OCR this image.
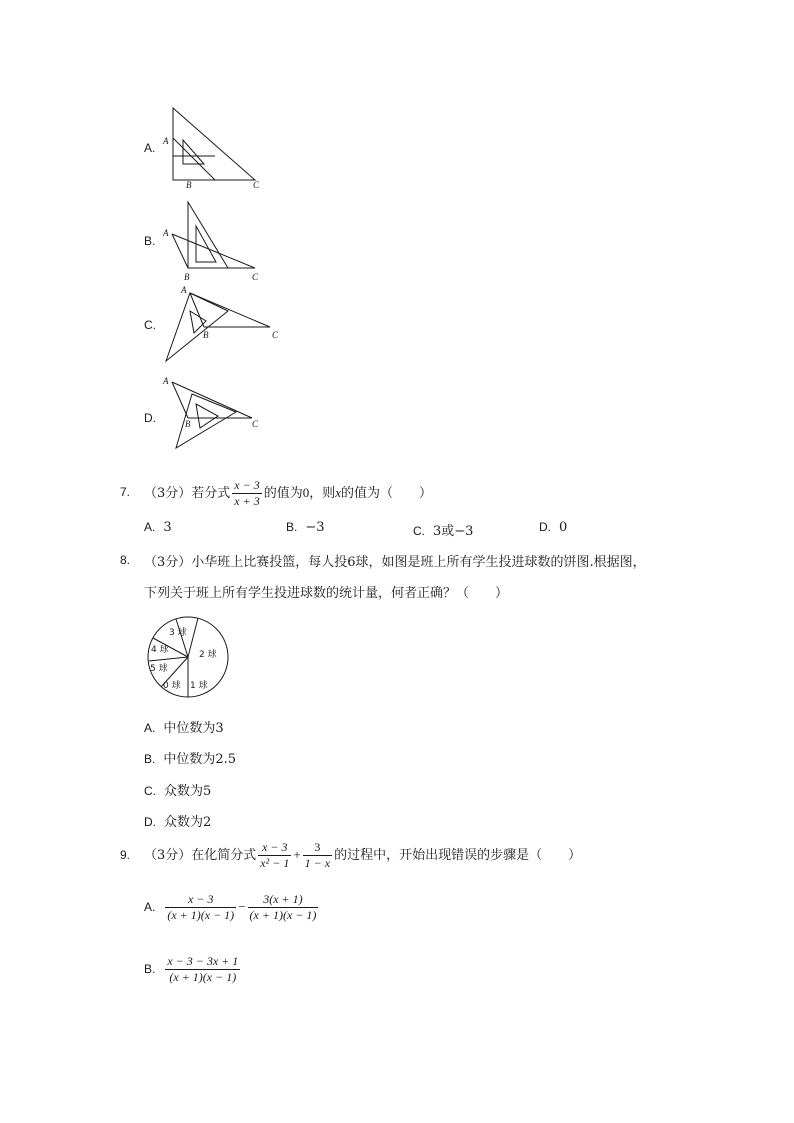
A. A
B	C
B.
A
B	C
C.
A
B	C
D.
A
B	C
7. （3分）若分式 $\frac{x - 3}{x + 3}$ 的值为0，则x的值为（　　）
A. 3	B. −3	C. 3或−3	D. 0
8. （3分）小华班上比赛投篮，每人投6球，如图是班上所有学生投进球数的饼图.根据图，
下列关于班上所有学生投进球数的统计量，何者正确？（　　）
3 球
2 球
1 球
0 球
5 球
4 球
A. 中位数为3
B. 中位数为2.5
C. 众数为5
D. 众数为2
9. （3分）在化简分式 $\frac{x - 3}{\text{x² − 1}} + \frac{3}{1 - x}$ 的过程中，开始出现错误的步骤是（　　）
A. $\frac{x - 3}{(x + 1)(x - 1)} - \frac{3(x + 1)}{(x + 1)(x - 1)}$
B. $\frac{x - 3 - 3x + 1}{(x + 1)(x - 1)}$
